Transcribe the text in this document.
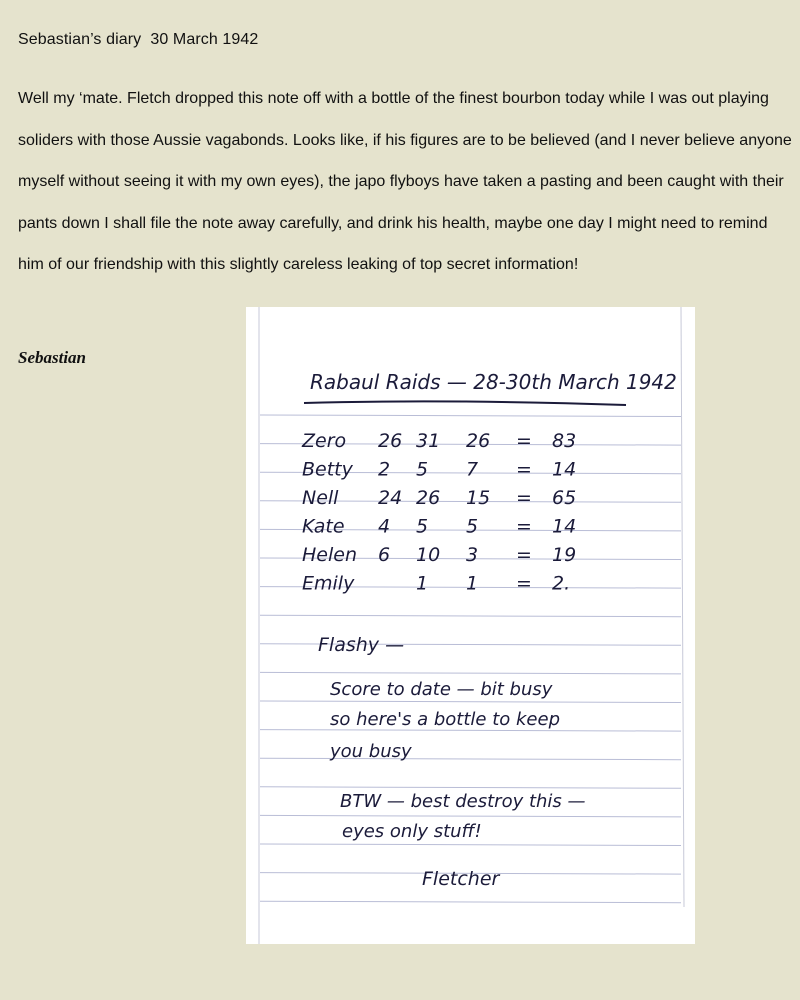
Sebastian’s diary  30 March 1942

Well my ‘mate. Fletch dropped this note off with a bottle of the finest bourbon today while I was out playing soliders with those Aussie vagabonds. Looks like, if his figures are to be believed (and I never believe anyone myself without seeing it with my own eyes), the japo flyboys have taken a pasting and been caught with their pants down I shall file the note away carefully, and drink his health, maybe one day I might need to remind him of our friendship with this slightly careless leaking of top secret information!

Sebastian
Rabaul Raids — 28-30th March 1942
Zero 26 31 26 = 83
Betty 2 5 7 = 14
Nell 24 26 15 = 65
Kate 4 5 5 = 14
Helen 6 10 3 = 19
Emily	1 1 = 2.
Flashy —
Score to date — bit busy
so here's a bottle to keep
you busy
BTW — best destroy this —
eyes only stuff!
Fletcher
